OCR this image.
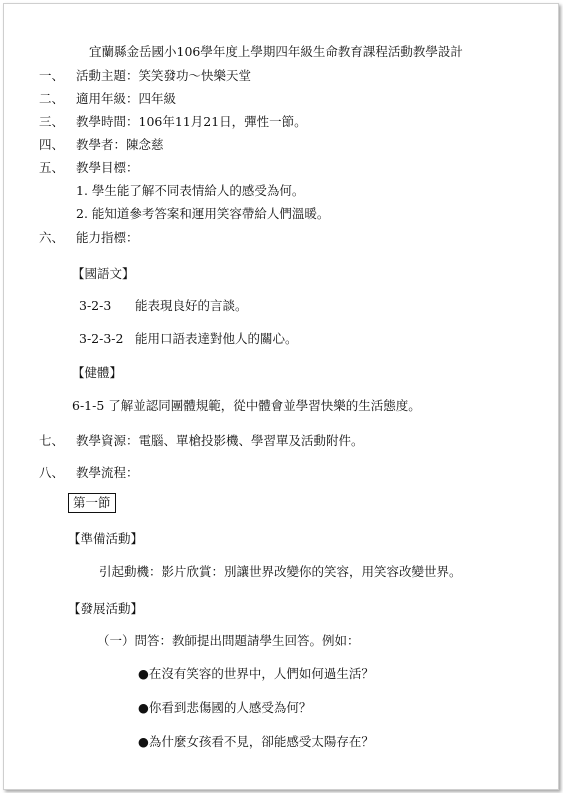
宜蘭縣金岳國小106學年度上學期四年級生命教育課程活動教學設計
一、 活動主題：笑笑發功～快樂天堂
二、 適用年級：四年級
三、 教學時間：106年11月21日，彈性一節。
四、 教學者：陳念慈
五、 教學目標：
1. 學生能了解不同表情給人的感受為何。
2. 能知道參考答案和運用笑容帶給人們溫暖。
六、 能力指標：
【國語文】
3-2-3 能表現良好的言談。
3-2-3-2 能用口語表達對他人的關心。
【健體】
6-1-5 了解並認同團體規範，從中體會並學習快樂的生活態度。
七、 教學資源：電腦、單槍投影機、學習單及活動附件。
八、 教學流程：
第一節
【準備活動】
引起動機：影片欣賞：別讓世界改變你的笑容，用笑容改變世界。
【發展活動】
（一）問答：教師提出問題請學生回答。例如：
●在沒有笑容的世界中，人們如何過生活？
●你看到悲傷國的人感受為何？
●為什麼女孩看不見，卻能感受太陽存在？
